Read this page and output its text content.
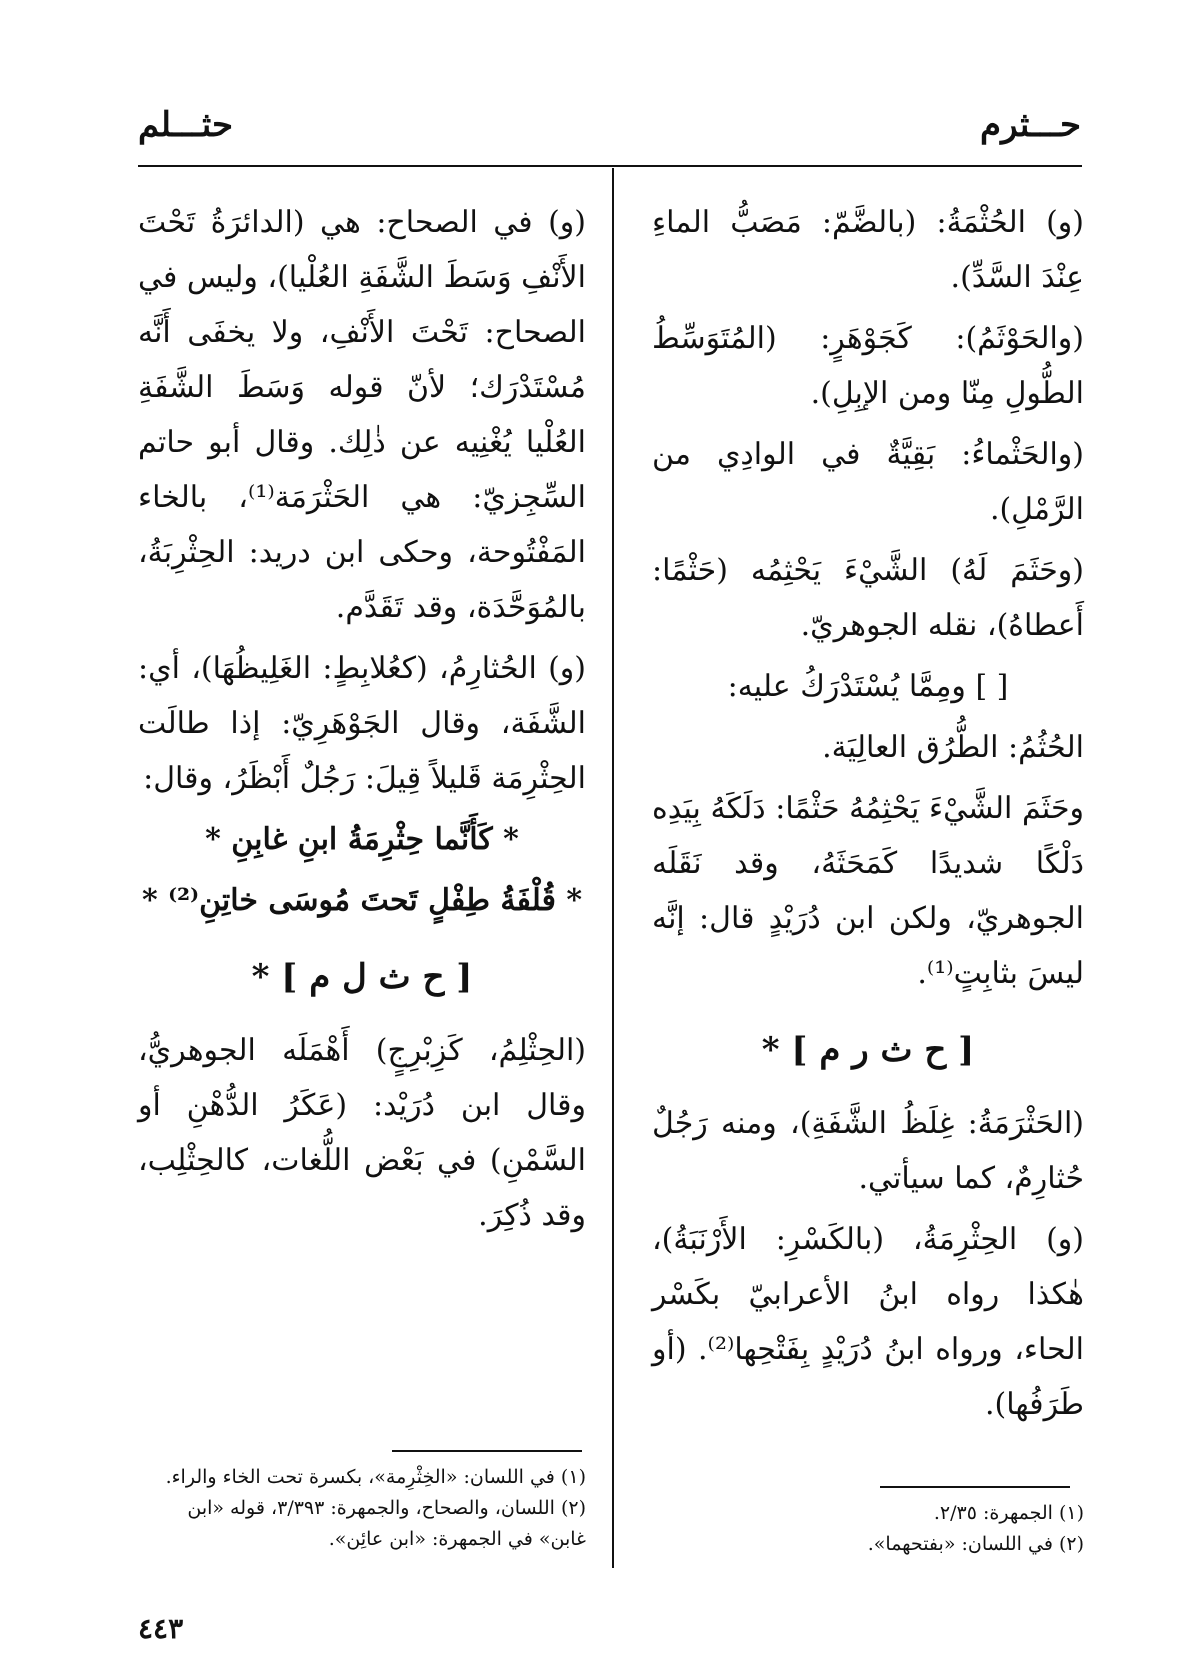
حـــثرم
حثـــلم

(و) الحُثْمَةُ: (بالضَّمّ: مَصَبُّ الماءِ عِنْدَ السَّدِّ).

(والحَوْثَمُ): كَجَوْهَرٍ: (المُتَوَسِّطُ الطُّولِ مِنّا ومن الإبِلِ).

(والحَثْماءُ: بَقِيَّةٌ في الوادِي من الرَّمْلِ).

(وحَثَمَ لَهُ) الشَّيْءَ يَحْثِمُه (حَثْمًا: أَعطاهُ)، نقله الجوهريّ.

[ ] ومِمَّا يُسْتَدْرَكُ عليه:

الحُثُمُ: الطُّرُق العالِيَة.

وحَثَمَ الشَّيْءَ يَحْثِمُهُ حَثْمًا: دَلَكَهُ بِيَدِه دَلْكًا شديدًا كَمَحَثَهُ، وقد نَقَلَه الجوهريّ، ولكن ابن دُرَيْدٍ قال: إنَّه ليسَ بثابِتٍ⁽¹⁾.

[ ح ث ر م ] *

(الحَثْرَمَةُ: غِلَظُ الشَّفَةِ)، ومنه رَجُلٌ حُثارِمٌ، كما سيأتي.

(و) الحِثْرِمَةُ، (بالكَسْرِ: الأَرْنَبَةُ)، هٰكذا رواه ابنُ الأعرابيّ بكَسْر الحاء، ورواه ابنُ دُرَيْدٍ بِفَتْحِها⁽²⁾. (أو طَرَفُها).

(و) في الصحاح: هي (الدائرَةُ تَحْتَ الأَنْفِ وَسَطَ الشَّفَةِ العُلْيا)، وليس في الصحاح: تَحْتَ الأَنْفِ، ولا يخفَى أَنَّه مُسْتَدْرَك؛ لأنّ قوله وَسَطَ الشَّفَةِ العُلْيا يُغْنِيه عن ذٰلِك. وقال أبو حاتم السِّجِزيّ: هي الحَثْرَمَة⁽¹⁾، بالخاء المَفْتُوحة، وحكى ابن دريد: الحِثْرِبَةُ، بالمُوَحَّدَة، وقد تَقَدَّم.

(و) الحُثارِمُ، (كعُلابِطٍ: الغَلِيظُهَا)، أي: الشَّفَة، وقال الجَوْهَرِيّ: إذا طالَت الحِثْرِمَة قَليلاً قِيلَ: رَجُلٌ أَبْظَرُ، وقال:

* كَأَنَّما حِثْرِمَةُ ابنِ غابِنِ *

* قُلْفَةُ طِفْلٍ تَحتَ مُوسَى خاتِنِ⁽²⁾ *

[ ح ث ل م ] *

(الحِثْلِمُ، كَزِبْرِجٍ) أَهْمَلَه الجوهريُّ، وقال ابن دُرَيْد: (عَكَرُ الدُّهْنِ أو السَّمْنِ) في بَعْض اللُّغات، كالحِثْلِب، وقد ذُكِرَ.

(١) الجمهرة: ٢/٣٥.
(٢) في اللسان: «بفتحهما».
(١) في اللسان: «الخِثْرِمة»، بكسرة تحت الخاء والراء.
(٢) اللسان، والصحاح، والجمهرة: ٣/٣٩٣، قوله «ابن غابن» في الجمهرة: «ابن عائِن».
٤٤٣
